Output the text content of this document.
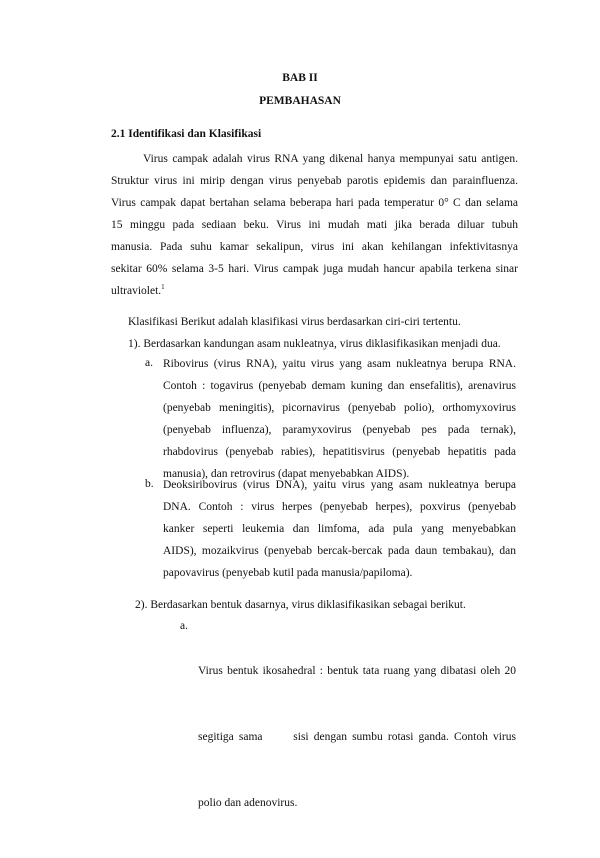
BAB II
PEMBAHASAN
2.1 Identifikasi dan Klasifikasi
Virus campak adalah virus RNA yang dikenal hanya mempunyai satu antigen.
Struktur virus ini mirip dengan virus penyebab parotis epidemis dan parainfluenza.
Virus campak dapat bertahan selama beberapa hari pada temperatur 0° C dan selama
15 minggu pada sediaan beku. Virus ini mudah mati jika berada diluar tubuh
manusia. Pada suhu kamar sekalipun, virus ini akan kehilangan infektivitasnya
sekitar 60% selama 3-5 hari. Virus campak juga mudah hancur apabila terkena sinar
ultraviolet.$^1$
Klasifikasi Berikut adalah klasifikasi virus berdasarkan ciri-ciri tertentu.
1). Berdasarkan kandungan asam nukleatnya, virus diklasifikasikan menjadi dua.
a. Ribovirus (virus RNA), yaitu virus yang asam nukleatnya berupa RNA.
Contoh : togavirus (penyebab demam kuning dan ensefalitis), arenavirus
(penyebab meningitis), picornavirus (penyebab polio), orthomyxovirus
(penyebab influenza), paramyxovirus (penyebab pes pada ternak),
rhabdovirus (penyebab rabies), hepatitisvirus (penyebab hepatitis pada
manusia), dan retrovirus (dapat menyebabkan AIDS).
b. Deoksiribovirus (virus DNA), yaitu virus yang asam nukleatnya berupa
DNA. Contoh : virus herpes (penyebab herpes), poxvirus (penyebab
kanker seperti leukemia dan limfoma, ada pula yang menyebabkan
AIDS), mozaikvirus (penyebab bercak-bercak pada daun tembakau), dan
papovavirus (penyebab kutil pada manusia/papiloma).
2). Berdasarkan bentuk dasarnya, virus diklasifikasikan sebagai berikut.
a.

Virus bentuk ikosahedral : bentuk tata ruang yang dibatasi oleh 20

segitiga sama      sisi dengan sumbu rotasi ganda. Contoh virus

polio dan adenovirus.
